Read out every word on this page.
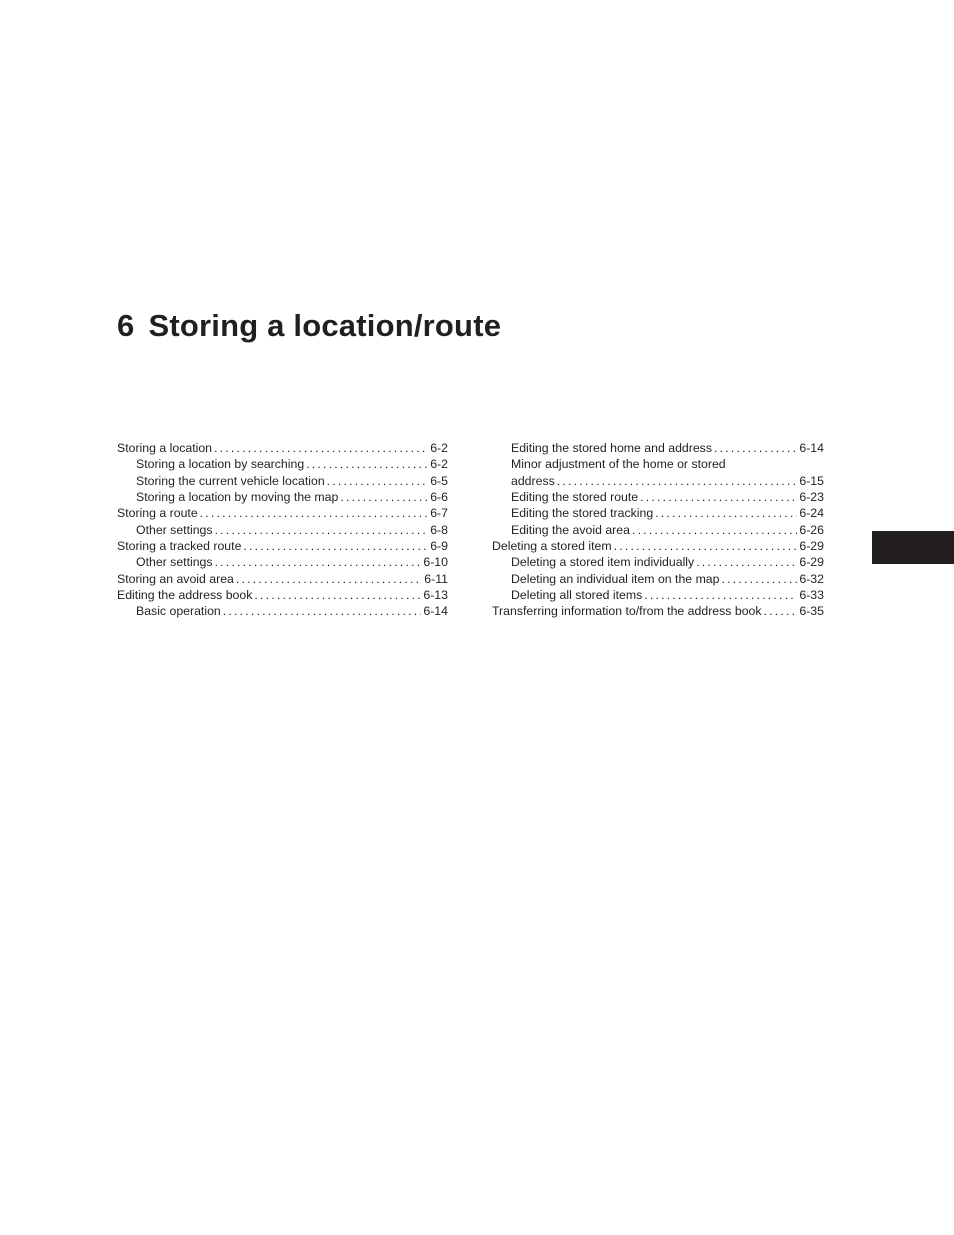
6 Storing a location/route
Storing a location .....	6-2
Storing a location by searching .....	6-2
Storing the current vehicle location .....	6-5
Storing a location by moving the map .....	6-6
Storing a route .....	6-7
Other settings .....	6-8
Storing a tracked route .....	6-9
Other settings .....	6-10
Storing an avoid area .....	6-11
Editing the address book .....	6-13
Basic operation .....	6-14
Editing the stored home and address .....	6-14
Minor adjustment of the home or stored
address .....	6-15
Editing the stored route .....	6-23
Editing the stored tracking .....	6-24
Editing the avoid area .....	6-26
Deleting a stored item .....	6-29
Deleting a stored item individually .....	6-29
Deleting an individual item on the map .....	6-32
Deleting all stored items .....	6-33
Transferring information to/from the address book .....	6-35
